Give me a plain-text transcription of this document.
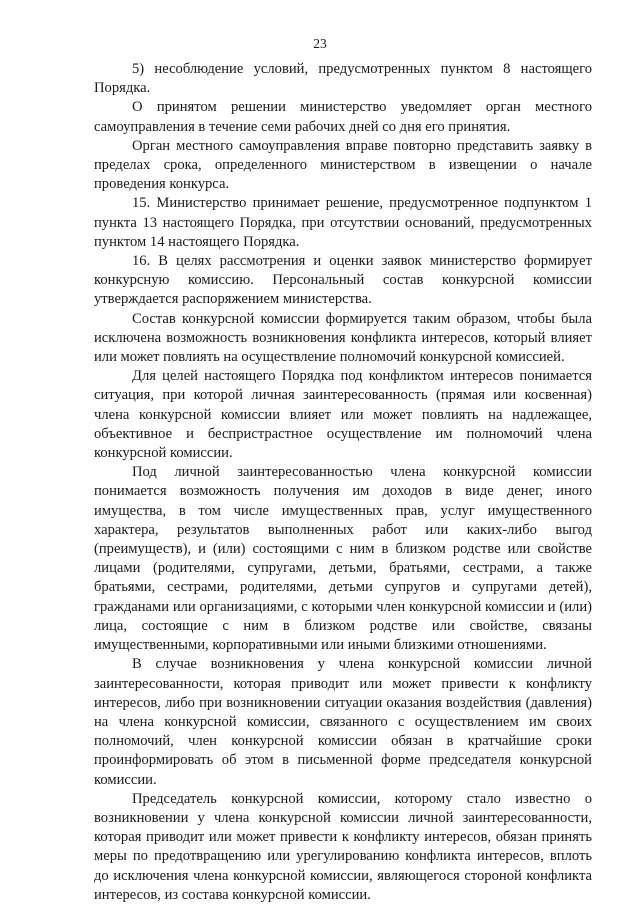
23

5) несоблюдение условий, предусмотренных пунктом 8 настоящего Порядка.

О принятом решении министерство уведомляет орган местного самоуправления в течение семи рабочих дней со дня его принятия.

Орган местного самоуправления вправе повторно представить заявку в пределах срока, определенного министерством в извещении о начале проведения конкурса.

15. Министерство принимает решение, предусмотренное подпунктом 1 пункта 13 настоящего Порядка, при отсутствии оснований, предусмотренных пунктом 14 настоящего Порядка.

16. В целях рассмотрения и оценки заявок министерство формирует конкурсную комиссию. Персональный состав конкурсной комиссии утверждается распоряжением министерства.

Состав конкурсной комиссии формируется таким образом, чтобы была исключена возможность возникновения конфликта интересов, который влияет или может повлиять на осуществление полномочий конкурсной комиссией.

Для целей настоящего Порядка под конфликтом интересов понимается ситуация, при которой личная заинтересованность (прямая или косвенная) члена конкурсной комиссии влияет или может повлиять на надлежащее, объективное и беспристрастное осуществление им полномочий члена конкурсной комиссии.

Под личной заинтересованностью члена конкурсной комиссии понимается возможность получения им доходов в виде денег, иного имущества, в том числе имущественных прав, услуг имущественного характера, результатов выполненных работ или каких-либо выгод (преимуществ), и (или) состоящими с ним в близком родстве или свойстве лицами (родителями, супругами, детьми, братьями, сестрами, а также братьями, сестрами, родителями, детьми супругов и супругами детей), гражданами или организациями, с которыми член конкурсной комиссии и (или) лица, состоящие с ним в близком родстве или свойстве, связаны имущественными, корпоративными или иными близкими отношениями.

В случае возникновения у члена конкурсной комиссии личной заинтересованности, которая приводит или может привести к конфликту интересов, либо при возникновении ситуации оказания воздействия (давления) на члена конкурсной комиссии, связанного с осуществлением им своих полномочий, член конкурсной комиссии обязан в кратчайшие сроки проинформировать об этом в письменной форме председателя конкурсной комиссии.

Председатель конкурсной комиссии, которому стало известно о возникновении у члена конкурсной комиссии личной заинтересованности, которая приводит или может привести к конфликту интересов, обязан принять меры по предотвращению или урегулированию конфликта интересов, вплоть до исключения члена конкурсной комиссии, являющегося стороной конфликта интересов, из состава конкурсной комиссии.
